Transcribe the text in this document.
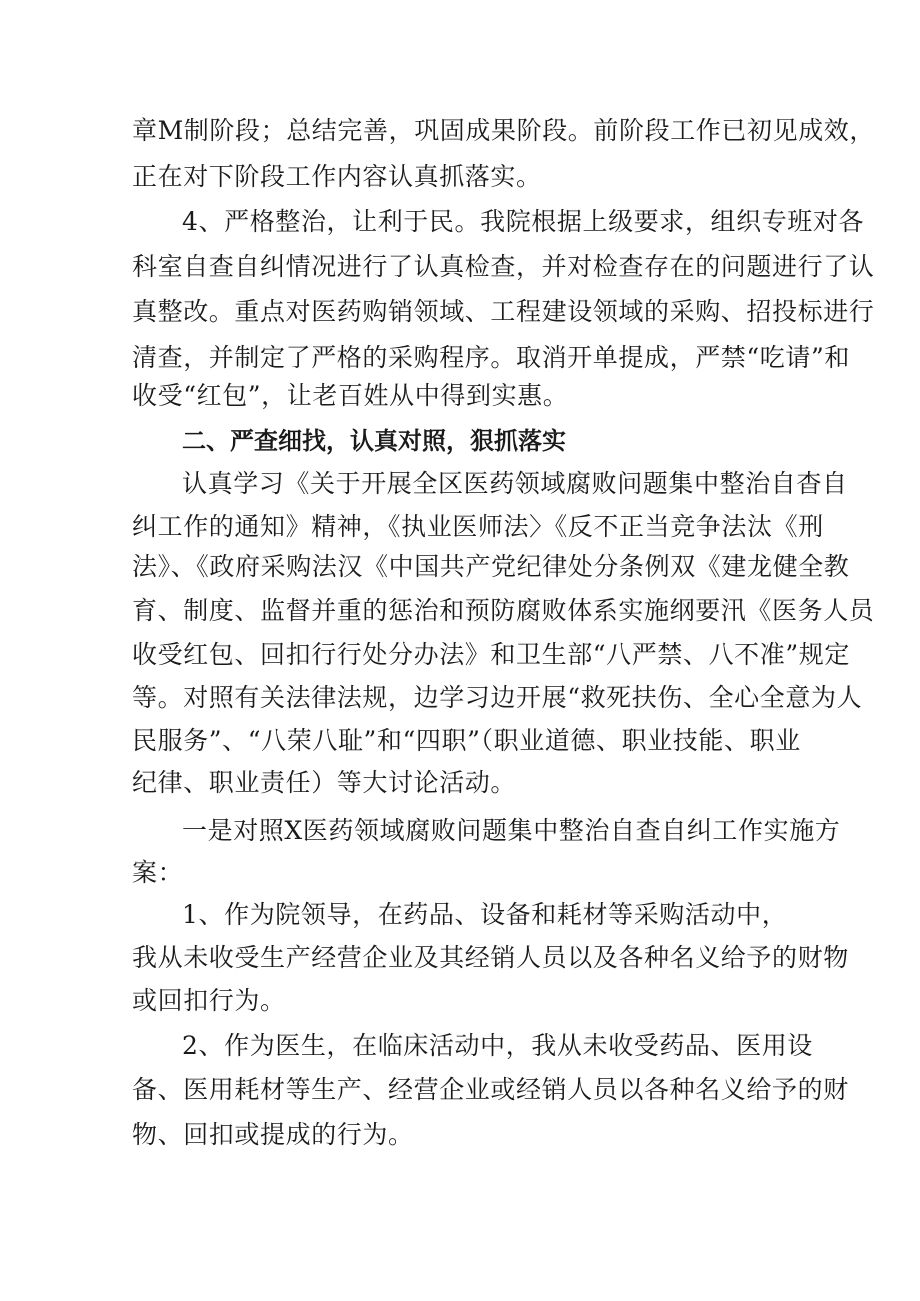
章M制阶段；总结完善，巩固成果阶段。前阶段工作已初见成效，
正在对下阶段工作内容认真抓落实。
4、严格整治，让利于民。我院根据上级要求，组织专班对各
科室自查自纠情况进行了认真检查，并对检查存在的问题进行了认
真整改。重点对医药购销领域、工程建设领域的采购、招投标进行
清查，并制定了严格的采购程序。取消开单提成，严禁“吃请”和
收受“红包”，让老百姓从中得到实惠。
二、严查细找，认真对照，狠抓落实
认真学习《关于开展全区医药领域腐败问题集中整治自杳自
纠工作的通知》精神，《执业医师法〉《反不正当竞争法汰《刑
法》、《政府采购法汉《中国共产党纪律处分条例双《建龙健全教
育、制度、监督并重的惩治和预防腐败体系实施纲要汛《医务人员
收受红包、回扣行行处分办法》和卫生部“八严禁、八不准”规定
等。对照有关法律法规，边学习边开展“救死扶伤、全心全意为人
民服务”、“八荣八耻”和“四职”（职业道德、职业技能、职业
纪律、职业责任）等大讨论活动。
一是对照X医药领域腐败问题集中整治自查自纠工作实施方
案：
1、作为院领导，在药品、设备和耗材等采购活动中，
我从未收受生产经营企业及其经销人员以及各种名义给予的财物
或回扣行为。
2、作为医生，在临床活动中，我从未收受药品、医用设
备、医用耗材等生产、经营企业或经销人员以各种名义给予的财
物、回扣或提成的行为。
